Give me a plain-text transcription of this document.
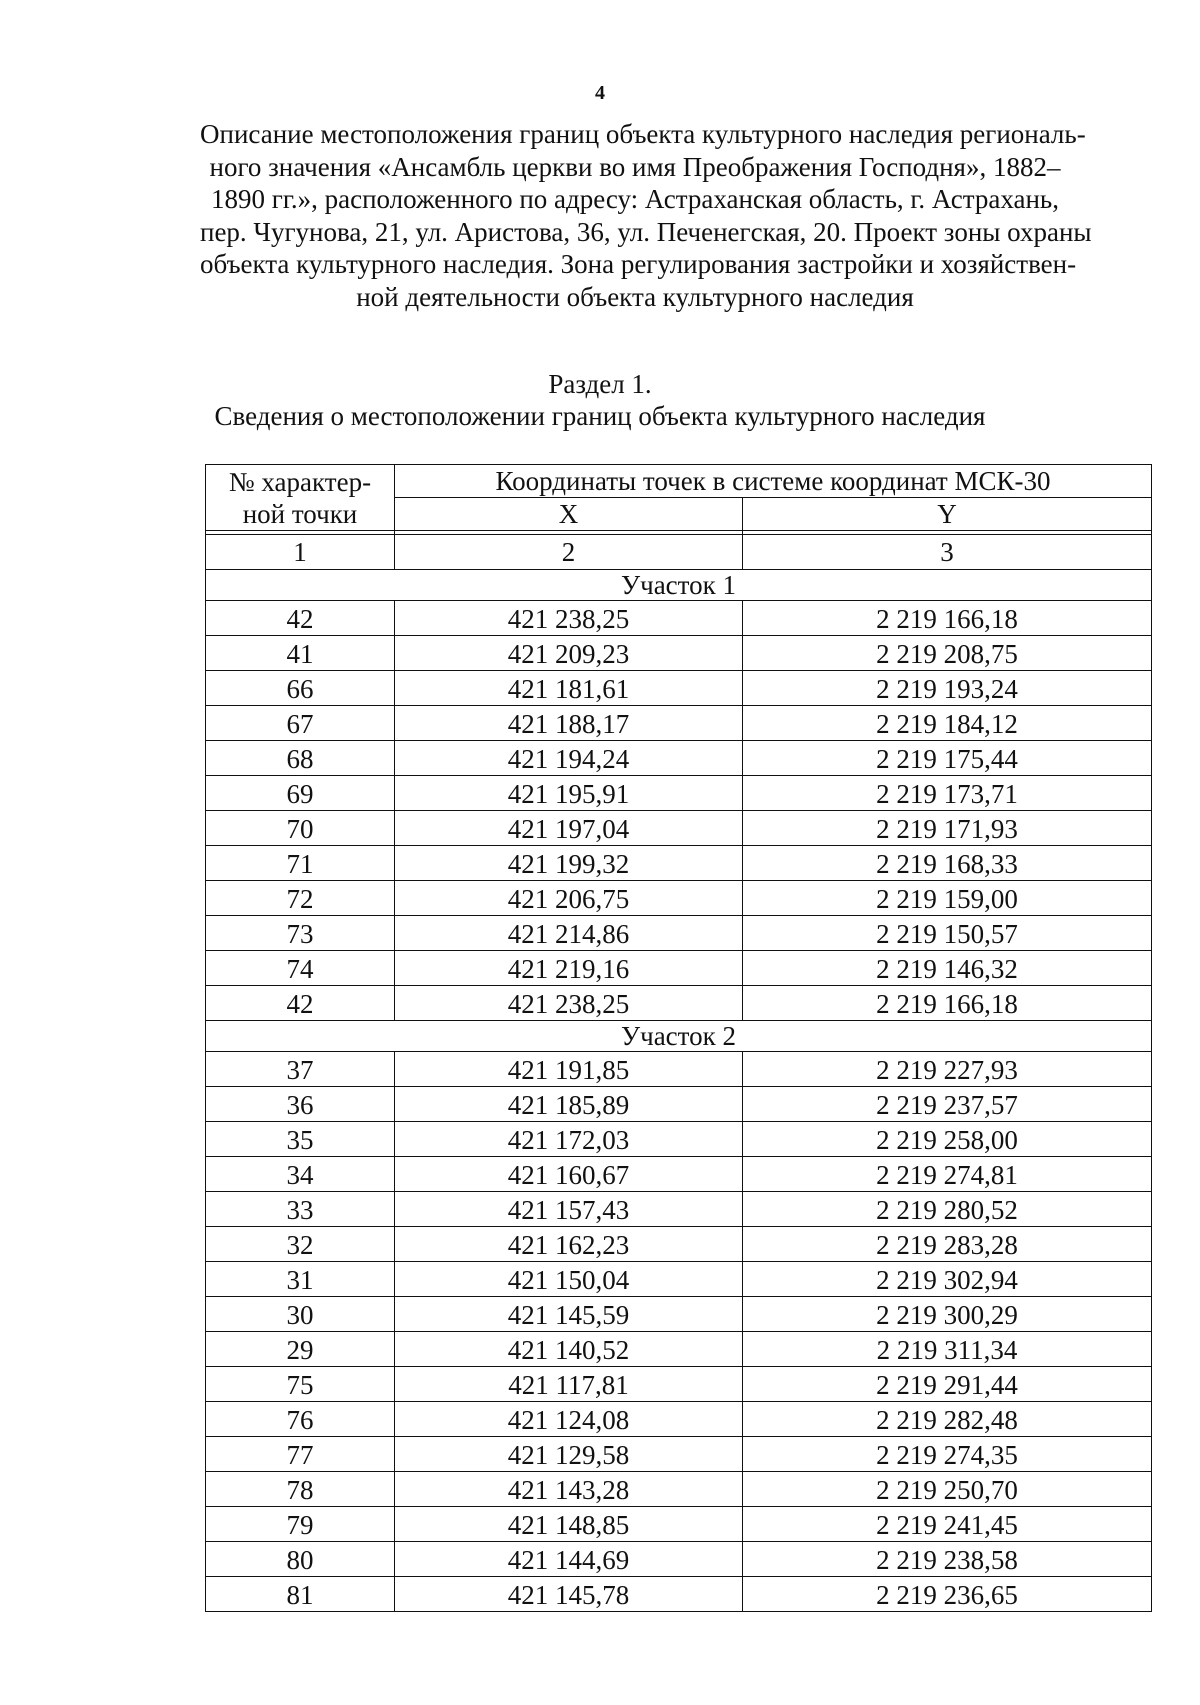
4
Описание местоположения границ объекта культурного наследия региональ-
ного значения «Ансамбль церкви во имя Преображения Господня», 1882–
1890 гг.», расположенного по адресу: Астраханская область, г. Астрахань,
пер. Чугунова, 21, ул. Аристова, 36, ул. Печенегская, 20. Проект зоны охраны
объекта культурного наследия. Зона регулирования застройки и хозяйствен-
ной деятельности объекта культурного наследия
Раздел 1.
Сведения о местоположении границ объекта культурного наследия
№ характер-
ной точки	Координаты точек в системе координат МСК-30	
	X	Y

1	2	3
Участок 1		
42	421 238,25	2 219 166,18
41	421 209,23	2 219 208,75
66	421 181,61	2 219 193,24
67	421 188,17	2 219 184,12
68	421 194,24	2 219 175,44
69	421 195,91	2 219 173,71
70	421 197,04	2 219 171,93
71	421 199,32	2 219 168,33
72	421 206,75	2 219 159,00
73	421 214,86	2 219 150,57
74	421 219,16	2 219 146,32
42	421 238,25	2 219 166,18
Участок 2		
37	421 191,85	2 219 227,93
36	421 185,89	2 219 237,57
35	421 172,03	2 219 258,00
34	421 160,67	2 219 274,81
33	421 157,43	2 219 280,52
32	421 162,23	2 219 283,28
31	421 150,04	2 219 302,94
30	421 145,59	2 219 300,29
29	421 140,52	2 219 311,34
75	421 117,81	2 219 291,44
76	421 124,08	2 219 282,48
77	421 129,58	2 219 274,35
78	421 143,28	2 219 250,70
79	421 148,85	2 219 241,45
80	421 144,69	2 219 238,58
81	421 145,78	2 219 236,65
